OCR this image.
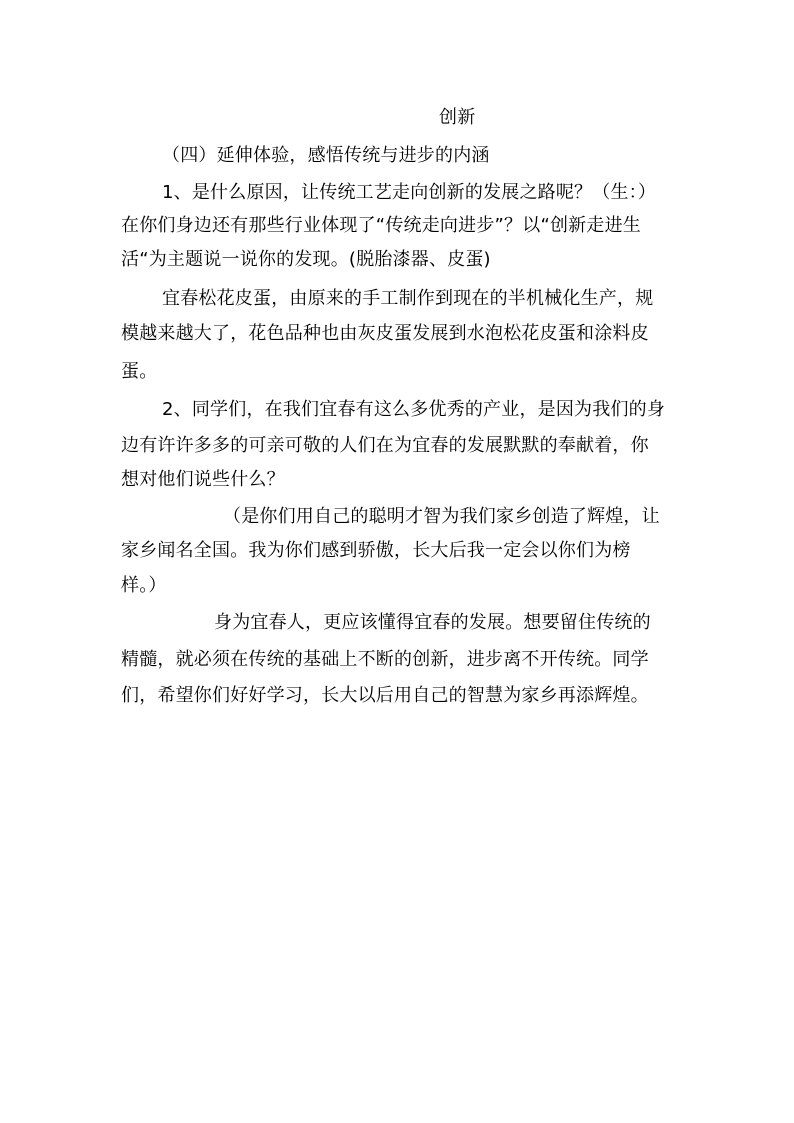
创新
（四）延伸体验，感悟传统与进步的内涵
1、是什么原因，让传统工艺走向创新的发展之路呢？（生：）
在你们身边还有那些行业体现了“传统走向进步”？以“创新走进生
活“为主题说一说你的发现。(脱胎漆器、皮蛋)
宜春松花皮蛋，由原来的手工制作到现在的半机械化生产，规
模越来越大了，花色品种也由灰皮蛋发展到水泡松花皮蛋和涂料皮
蛋。
2、同学们，在我们宜春有这么多优秀的产业，是因为我们的身
边有许许多多的可亲可敬的人们在为宜春的发展默默的奉献着，你
想对他们说些什么？
（是你们用自己的聪明才智为我们家乡创造了辉煌，让
家乡闻名全国。我为你们感到骄傲，长大后我一定会以你们为榜
样。）
身为宜春人，更应该懂得宜春的发展。想要留住传统的
精髓，就必须在传统的基础上不断的创新，进步离不开传统。同学
们，希望你们好好学习，长大以后用自己的智慧为家乡再添辉煌。
